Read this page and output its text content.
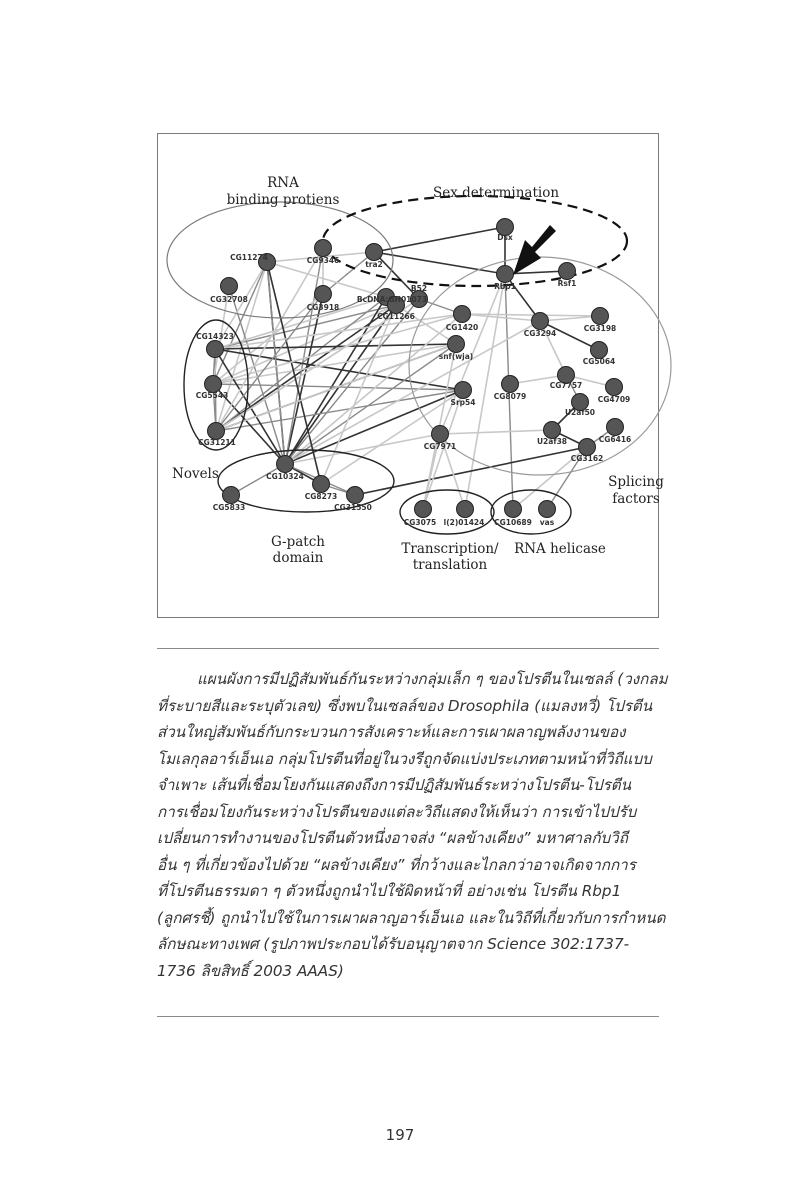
Dsx
tra2
Rbp1	Rsf1
CG9346
CG11274
CG32708
CG3918
BcDNA:GH01073
B52
CG11266
CG1420
CG3294
CG3198
CG5064
snf(wja)
Srp54
CG8079
CG7757
CG4709
U2af50
U2af38	CG6416
CG3162
CG7971
CG14323
CG5543
CG31211
CG10324
CG5833
CG8273
CG31550
CG3075 l(2)01424 CG10689 vas
RNA
binding protiens	Sex determination
Novels
G-patch
domain
Transcription/
translation
RNA helicase
Splicing
factors
แผนผังการมีปฏิสัมพันธ์กันระหว่างกลุ่มเล็ก ๆ ของโปรตีนในเซลล์ (วงกลม
ที่ระบายสีและระบุตัวเลข) ซึ่งพบในเซลล์ของ Drosophila (แมลงหวี่) โปรตีน
ส่วนใหญ่สัมพันธ์กับกระบวนการสังเคราะห์และการเผาผลาญพลังงานของ
โมเลกุลอาร์เอ็นเอ กลุ่มโปรตีนที่อยู่ในวงรีถูกจัดแบ่งประเภทตามหน้าที่วิถีแบบ
จำเพาะ เส้นที่เชื่อมโยงกันแสดงถึงการมีปฏิสัมพันธ์ระหว่างโปรตีน-โปรตีน
การเชื่อมโยงกันระหว่างโปรตีนของแต่ละวิถีแสดงให้เห็นว่า การเข้าไปปรับ
เปลี่ยนการทำงานของโปรตีนตัวหนึ่งอาจส่ง “ผลข้างเคียง” มหาศาลกับวิถี
อื่น ๆ ที่เกี่ยวข้องไปด้วย “ผลข้างเคียง” ที่กว้างและไกลกว่าอาจเกิดจากการ
ที่โปรตีนธรรมดา ๆ ตัวหนึ่งถูกนำไปใช้ผิดหน้าที่ อย่างเช่น โปรตีน Rbp1
(ลูกศรชี้) ถูกนำไปใช้ในการเผาผลาญอาร์เอ็นเอ และในวิถีที่เกี่ยวกับการกำหนด
ลักษณะทางเพศ (รูปภาพประกอบได้รับอนุญาตจาก Science 302:1737-
1736 ลิขสิทธิ์ 2003 AAAS)
197
